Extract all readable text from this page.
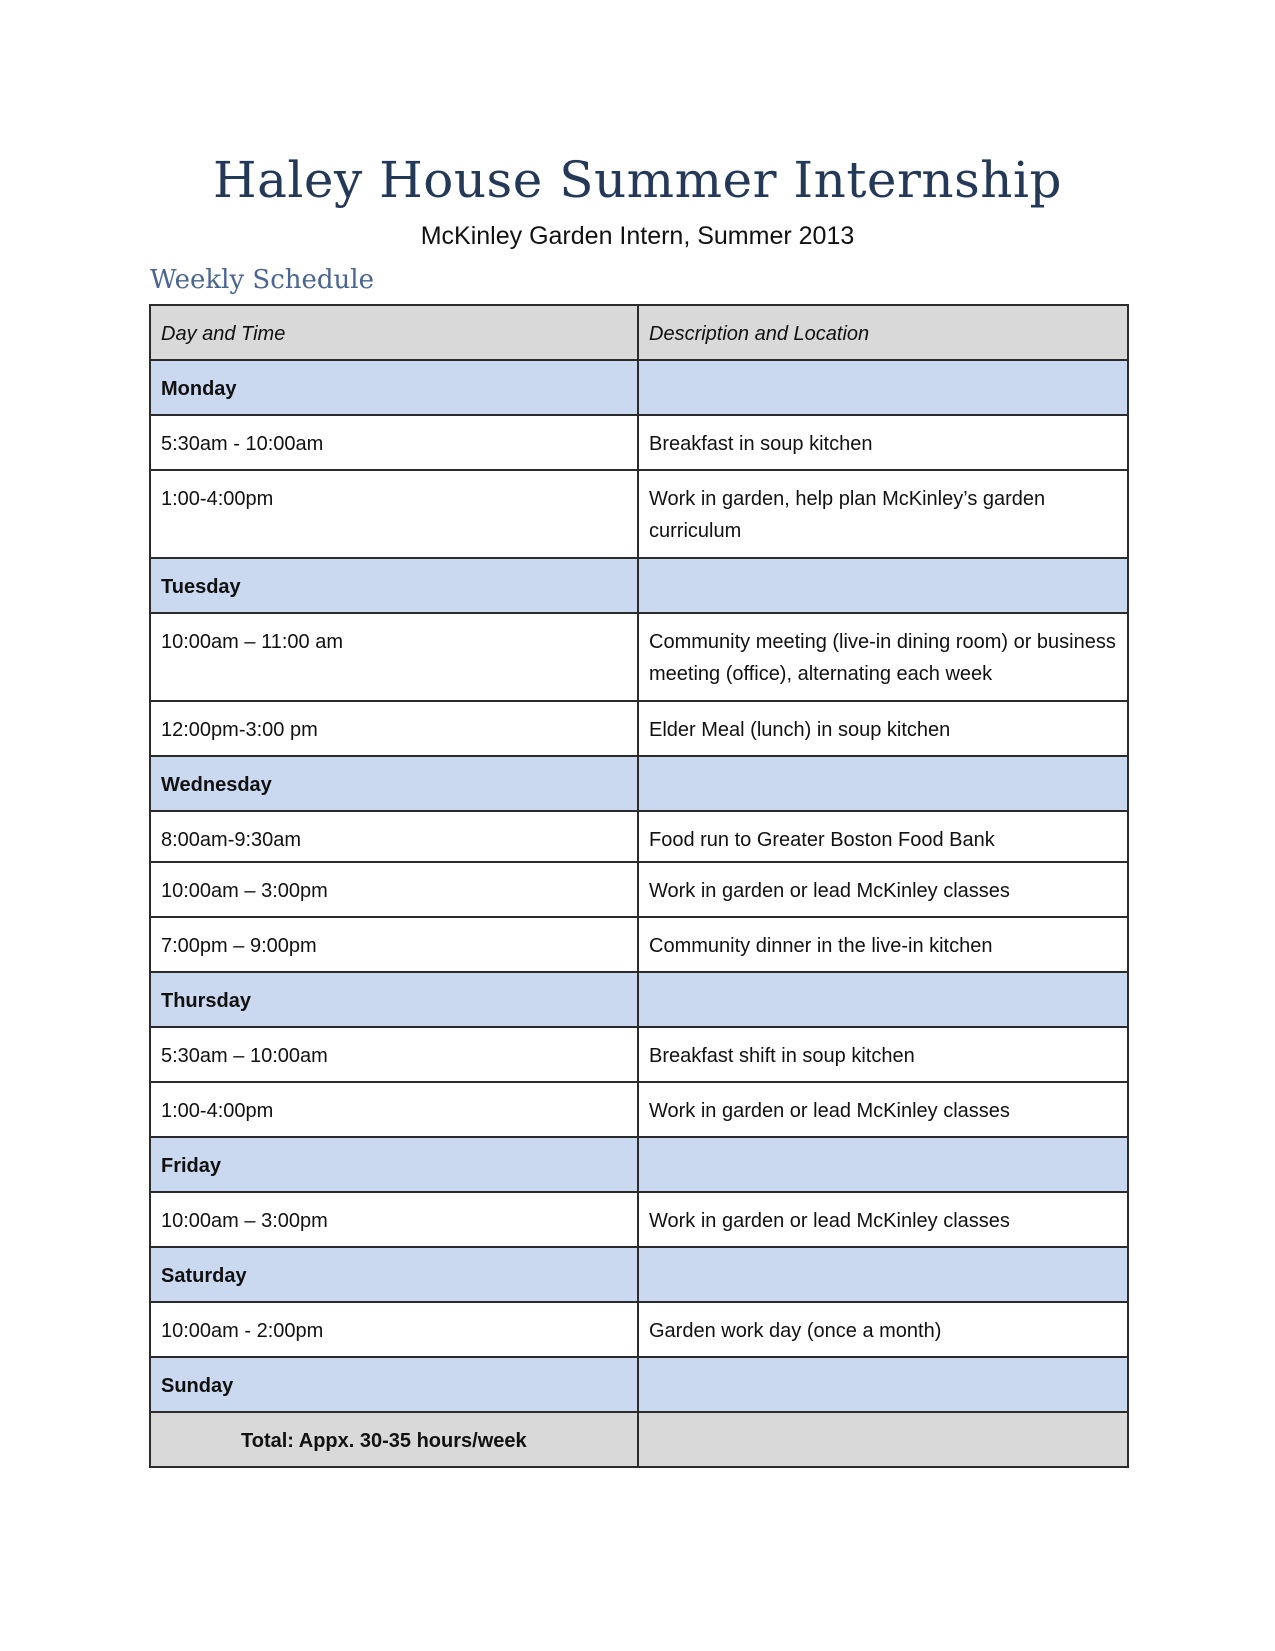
Haley House Summer Internship
McKinley Garden Intern, Summer 2013
Weekly Schedule
Day and Time	Description and Location
Monday	
5:30am - 10:00am	Breakfast in soup kitchen
1:00-4:00pm	Work in garden, help plan McKinley’s garden curriculum
Tuesday	
10:00am – 11:00 am	Community meeting (live-in dining room) or business meeting (office), alternating each week
12:00pm-3:00 pm	Elder Meal (lunch) in soup kitchen
Wednesday	
8:00am-9:30am	Food run to Greater Boston Food Bank
10:00am – 3:00pm	Work in garden or lead McKinley classes
7:00pm – 9:00pm	Community dinner in the live-in kitchen
Thursday	
5:30am – 10:00am	Breakfast shift in soup kitchen
1:00-4:00pm	Work in garden or lead McKinley classes
Friday	
10:00am – 3:00pm	Work in garden or lead McKinley classes
Saturday	
10:00am - 2:00pm	Garden work day (once a month)
Sunday	
Total: Appx. 30-35 hours/week	
